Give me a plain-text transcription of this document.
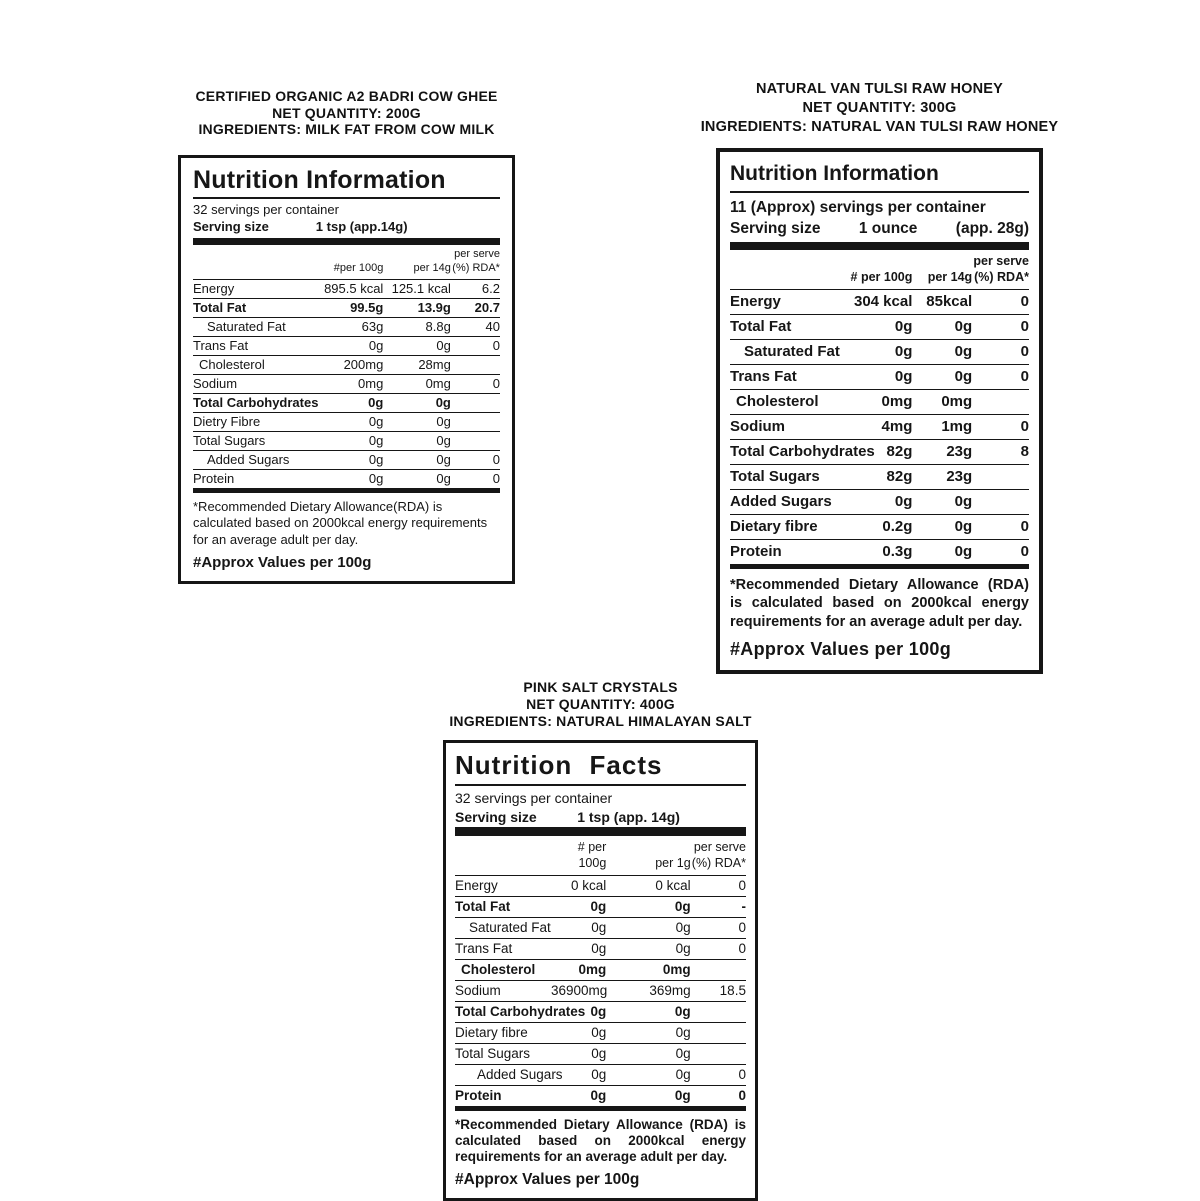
CERTIFIED ORGANIC A2 BADRI COW GHEE
NET QUANTITY: 200G
INGREDIENTS: MILK FAT FROM COW MILK
Nutrition Information
32 servings per container
Serving size	1 tsp (app.14g)
#per 100g	per 14g
per serve (%) RDA*
Energy	895.5 kcal 125.1 kcal	6.2
Total Fat	99.5g	13.9g	20.7
Saturated Fat	63g	8.8g	40
Trans Fat	0g	0g	0
Cholesterol	200mg	28mg
Sodium	0mg	0mg	0
Total Carbohydrates	0g	0g
Dietry Fibre	0g	0g
Total Sugars	0g	0g
Added Sugars	0g	0g	0
Protein	0g	0g	0
*Recommended Dietary Allowance(RDA) is calculated based on 2000kcal energy requirements for an average adult per day.
#Approx Values per 100g
NATURAL VAN TULSI RAW HONEY
NET QUANTITY: 300G
INGREDIENTS: NATURAL VAN TULSI RAW HONEY
Nutrition Information
11 (Approx) servings per container
Serving size 1 ounce (app. 28g)
# per 100g	per 14g
per serve (%) RDA*
Energy	304 kcal 85kcal	0
Total Fat	0g	0g	0
Saturated Fat	0g	0g	0
Trans Fat	0g	0g	0
Cholesterol	0mg	0mg
Sodium	4mg	1mg	0
Total Carbohydrates 82g	23g	8
Total Sugars	82g	23g
Added Sugars	0g	0g
Dietary fibre	0.2g	0g	0
Protein	0.3g	0g	0
*Recommended Dietary Allowance (RDA) is calculated based on 2000kcal energy requirements for an average adult per day.
#Approx Values per 100g
PINK SALT CRYSTALS
NET QUANTITY: 400G
INGREDIENTS: NATURAL HIMALAYAN SALT
Nutrition Facts
32 servings per container
Serving size	1 tsp (app. 14g)
# per 100g	per 1g
per serve (%) RDA*
Energy	0 kcal	0 kcal	0
Total Fat	0g	0g	-
Saturated Fat	0g	0g	0
Trans Fat	0g	0g	0
Cholesterol	0mg	0mg
Sodium	36900mg	369mg	18.5
Total Carbohydrates 0g	0g
Dietary fibre	0g	0g
Total Sugars	0g	0g
Added Sugars	0g	0g	0
Protein	0g	0g	0
*Recommended Dietary Allowance (RDA) is calculated based on 2000kcal energy requirements for an average adult per day.
#Approx Values per 100g
